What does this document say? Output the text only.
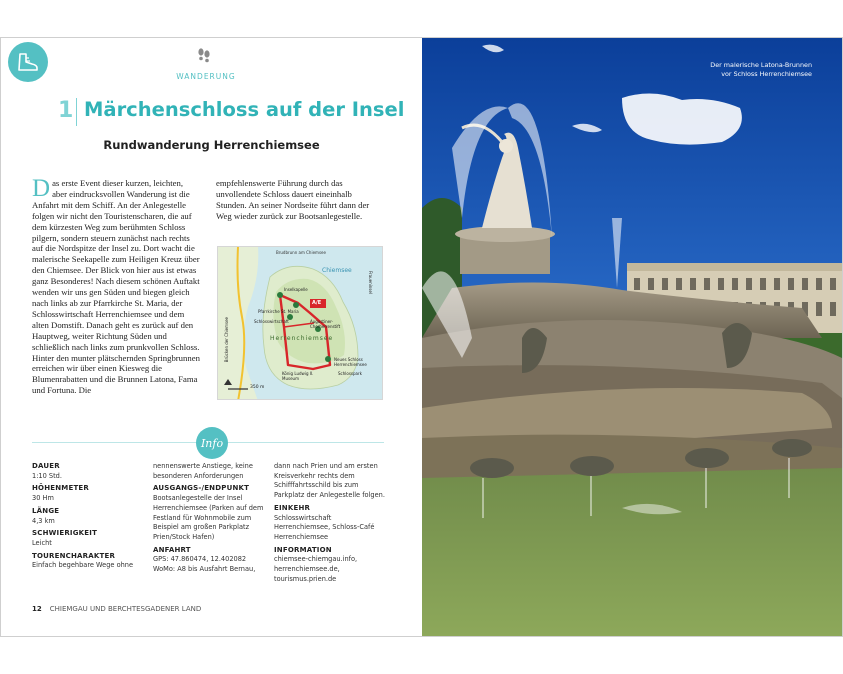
WANDERUNG
1 Märchenschloss auf der Insel
Rundwanderung Herrenchiemsee
Das erste Event dieser kurzen, leichten, aber eindrucksvollen Wanderung ist die Anfahrt mit dem Schiff. An der Anlegestelle folgen wir nicht den Touristenscharen, die auf dem kürzesten Weg zum berühmten Schloss pilgern, sondern steuern zunächst nach rechts auf die Nordspitze der Insel zu. Dort wacht die malerische Seekapelle zum Heiligen Kreuz über den Chiemsee. Der Blick von hier aus ist etwas ganz Besonderes! Nach diesem schönen Auftakt wenden wir uns gen Süden und biegen gleich nach links ab zur Pfarrkirche St. Maria, der Schlosswirtschaft Herrenchiemsee und dem alten Domstift. Danach geht es zurück auf den Hauptweg, weiter Richtung Süden und schließlich nach links zum prunkvollen Schloss. Hinter den munter plätschernden Springbrunnen erreichen wir über einen Kiesweg die Blumenrabatten und die Brunnen Latona, Fama und Fortuna. Die
empfehlenswerte Führung durch das unvollendete Schloss dauert eineinhalb Stunden. An seiner Nordseite führt dann der Weg wieder zurück zur Bootsanlegestelle.
Brudbrunn am Chiemsee
Inselkapelle
Chiemsee
Pfarrkirche St. Maria
Schlosswirtschaft	Augustiner-Chorherrenstift
Herrenchiemsee
Neues Schloss Herrenchiemsee
Schlosspark
König Ludwig II. Museum
Fraueninsel
Brücken der Chiemsee
A/E
350 m
Info
DAUER
1:10 Std.
HÖHENMETER
30 Hm
LÄNGE
4,3 km
SCHWIERIGKEIT
Leicht
TOURENCHARAKTER
Einfach begehbare Wege ohne
nennenswerte Anstiege, keine besonderen Anforderungen
AUSGANGS-/ENDPUNKT
Bootsanlegestelle der Insel Herrenchiemsee (Parken auf dem Festland für Wohnmobile zum Beispiel am großen Parkplatz Prien/Stock Hafen)
ANFAHRT
GPS: 47.860474, 12.402082 WoMo: A8 bis Ausfahrt Bernau,
dann nach Prien und am ersten Kreisverkehr rechts dem Schifffahrtsschild bis zum Parkplatz der Anlegestelle folgen.
EINKEHR
Schlosswirtschaft Herrenchiemsee, Schloss-Café Herrenchiemsee
INFORMATION
chiemsee-chiemgau.info, herrenchiemsee.de, tourismus.prien.de
12 CHIEMGAU UND BERCHTESGADENER LAND
Der malerische Latona-Brunnen
vor Schloss Herrenchiemsee
